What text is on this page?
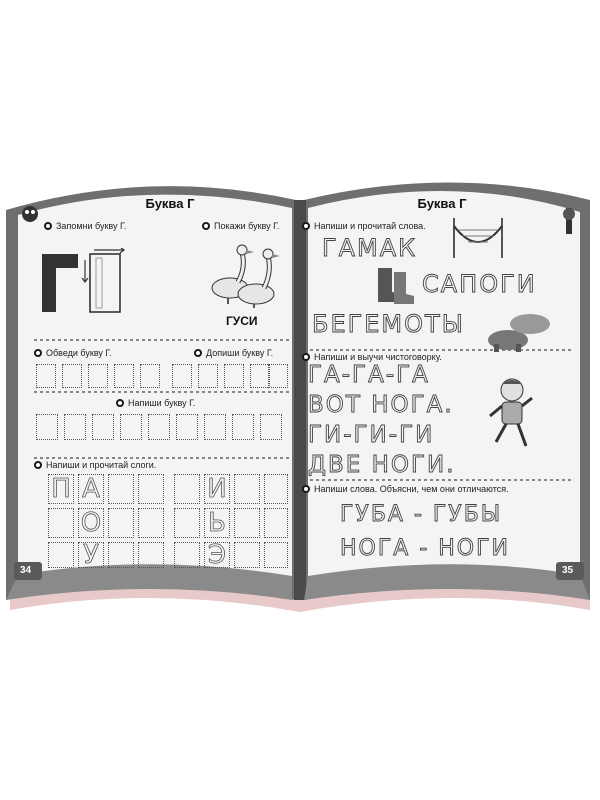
Буква Г
Запомни букву Г.	Покажи букву Г.
ГУСИ
Обведи букву Г.	Допиши букву Г.
Напиши букву Г.
Напиши и прочитай слоги.
П А
О
У
И
Ь
Э
34
Буква Г
Напиши и прочитай слова.
ГАМАК
САПОГИ
БЕГЕМОТЫ
Напиши и выучи чистоговорку.
ГА-ГА-ГА
ВОТ НОГА.
ГИ-ГИ-ГИ
ДВЕ НОГИ.
Напиши слова. Объясни, чем они отличаются.
ГУБА - ГУБЫ
НОГА - НОГИ
35
